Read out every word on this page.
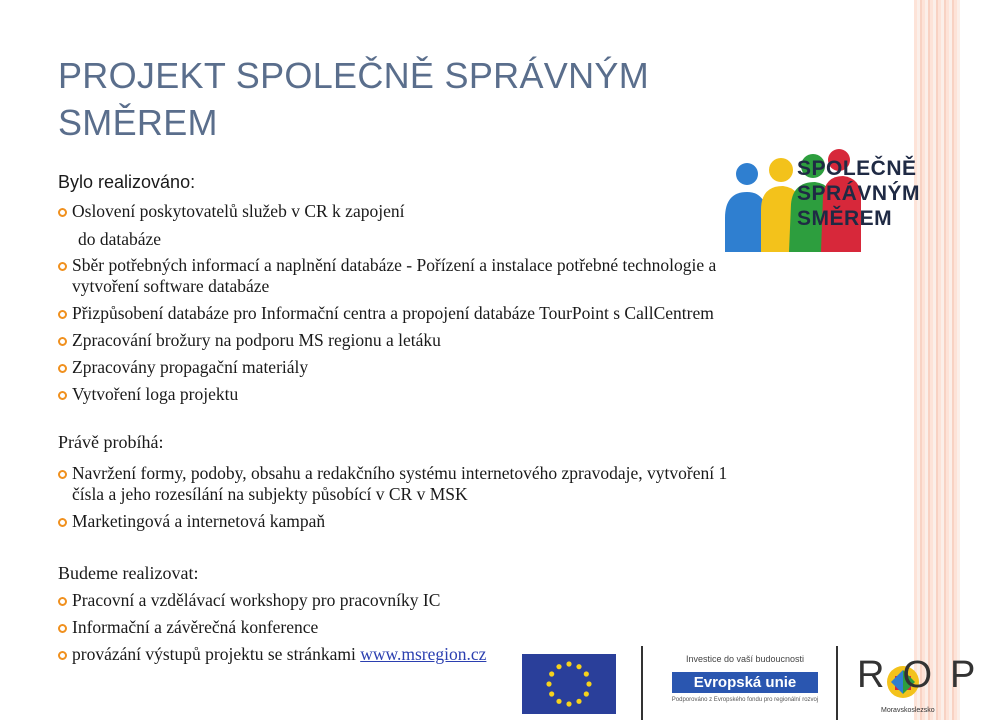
PROJEKT SPOLEČNĚ SPRÁVNÝM SMĚREM
SPOLEČNĚ
SPRÁVNÝM
SMĚREM

Bylo realizováno:

Oslovení poskytovatelů služeb v CR k zapojení
do databáze
Sběr potřebných informací a naplnění databáze - Pořízení a instalace potřebné technologie a
vytvoření software databáze
Přizpůsobení databáze pro Informační centra a propojení databáze TourPoint s CallCentrem
Zpracování brožury na podporu MS regionu a letáku
Zpracovány propagační materiály
Vytvoření loga projektu

Právě probíhá:

Navržení formy, podoby, obsahu a redakčního systému internetového zpravodaje, vytvoření 1
čísla a jeho rozesílání na subjekty působící v CR v MSK
Marketingová a internetová kampaň

Budeme realizovat:

Pracovní a vzdělávací workshopy pro pracovníky IC
Informační a závěrečná konference
provázání výstupů projektu se stránkami www.msregion.cz	Investice do vaší budoucnosti
Evropská unie
Podporováno z Evropského fondu pro regionální rozvoj
ROP
Moravskoslezsko
